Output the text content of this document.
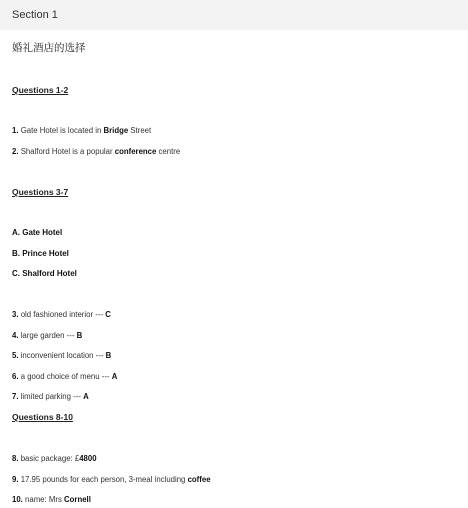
Section 1
婚礼酒店的选择
Questions 1-2
1. Gate Hotel is located in Bridge Street
2. Shalford Hotel is a popular conference centre
Questions 3-7
A. Gate Hotel
B. Prince Hotel
C. Shalford Hotel
3. old fashioned interior --- C
4. large garden --- B
5. inconvenient location --- B
6. a good choice of menu --- A
7. limited parking --- A
Questions 8-10
8. basic package: £4800
9. 17.95 pounds for each person, 3-meal including coffee
10. name: Mrs Cornell
